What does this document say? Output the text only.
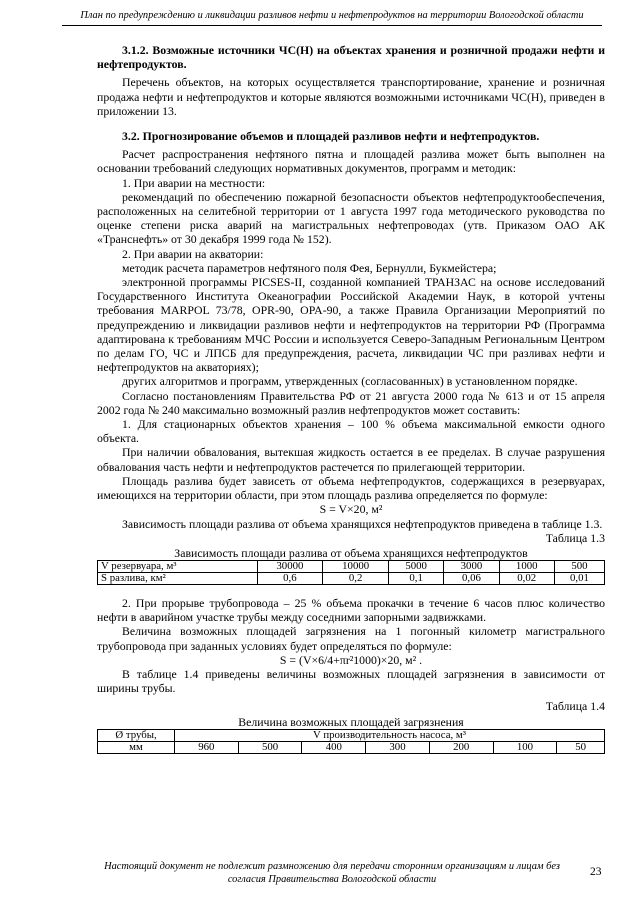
План по предупреждению и ликвидации разливов нефти и нефтепродуктов на территории Вологодской области

3.1.2. Возможные источники ЧС(Н) на объектах хранения и розничной продажи нефти и нефтепродуктов.

Перечень объектов, на которых осуществляется транспортирование, хранение и розничная продажа нефти и нефтепродуктов и которые являются возможными источниками ЧС(Н), приведен в приложении 13.

3.2. Прогнозирование объемов и площадей разливов нефти и нефтепродуктов.

Расчет распространения нефтяного пятна и площадей разлива может быть выполнен на основании требований следующих нормативных документов, программ и методик:

1. При аварии на местности:

рекомендаций по обеспечению пожарной безопасности объектов нефтепродуктообеспечения, расположенных на селитебной территории от 1 августа 1997 года методического руководства по оценке степени риска аварий на магистральных нефтепроводах (утв. Приказом ОАО АК «Транснефть» от 30 декабря 1999 года № 152).

2. При аварии на акватории:

методик расчета параметров нефтяного поля Фея, Бернулли, Букмейстера;

электронной программы PICSES-II, созданной компанией ТРАНЗАС на основе исследований Государственного Института Океанографии Российской Академии Наук, в которой учтены требования MARPOL 73/78, OPR-90, OPA-90, а также Правила Организации Мероприятий по предупреждению и ликвидации разливов нефти и нефтепродуктов на территории РФ (Программа адаптирована к требованиям МЧС России и используется Северо-Западным Региональным Центром по делам ГО, ЧС и ЛПСБ для предупреждения, расчета, ликвидации ЧС при разливах нефти и нефтепродуктов на акваториях);

других алгоритмов и программ, утвержденных (согласованных) в установленном порядке.

Согласно постановлениям Правительства РФ от 21 августа 2000 года № 613 и от 15 апреля 2002 года № 240 максимально возможный разлив нефтепродуктов может составить:

1. Для стационарных объектов хранения – 100 % объема максимальной емкости одного объекта.

При наличии обвалования, вытекшая жидкость остается в ее пределах. В случае разрушения обвалования часть нефти и нефтепродуктов растечется по прилегающей территории.

Площадь разлива будет зависеть от объема нефтепродуктов, содержащихся в резервуарах, имеющихся на территории области, при этом площадь разлива определяется по формуле:

S = V×20, м²

Зависимость площади разлива от объема хранящихся нефтепродуктов приведена в таблице 1.3.

Таблица 1.3

Зависимость площади разлива от объема хранящихся нефтепродуктов
V резервуара, м³	30000	10000	5000	3000	1000	500
S разлива, км²	0,6	0,2	0,1	0,06	0,02	0,01

2. При прорыве трубопровода – 25 % объема прокачки в течение 6 часов плюс количество нефти в аварийном участке трубы между соседними запорными задвижками.

Величина возможных площадей загрязнения на 1 погонный километр магистрального трубопровода при заданных условиях будет определяться по формуле:

S = (V×6/4+πr²1000)×20, м² .

В таблице 1.4 приведены величины возможных площадей загрязнения в зависимости от ширины трубы.

Таблица 1.4

Величина возможных площадей загрязнения
Ø трубы,	V производительность насоса, м³						
мм	960	500	400	300	200	100	50
Настоящий документ не подлежит размножению для передачи сторонним организациям и лицам без согласия Правительства Вологодской области
23
